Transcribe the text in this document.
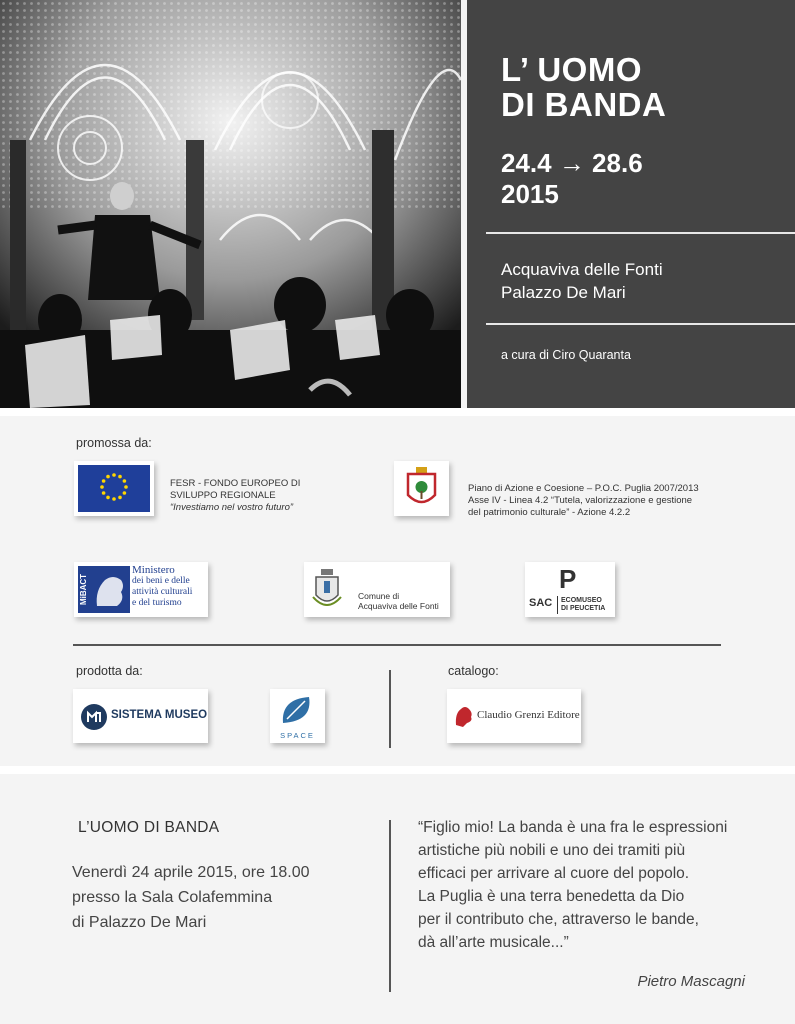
L’ UOMO
DI BANDA
24.4 → 28.6
2015
Acquaviva delle Fonti
Palazzo De Mari
a cura di Ciro Quaranta
promossa da:
FESR - FONDO EUROPEO DI
SVILUPPO REGIONALE
“Investiamo nel vostro futuro”
Piano di Azione e Coesione – P.O.C. Puglia 2007/2013
Asse IV - Linea 4.2 “Tutela, valorizzazione e gestione
del patrimonio culturale” - Azione 4.2.2
MiBACT
Ministero
dei beni e delle
attività culturali
e del turismo
Comune di
Acquaviva delle Fonti
P
SAC ECOMUSEO
DI PEUCETIA
prodotta da:
SISTEMA MUSEO
SPACE
catalogo:
Claudio Grenzi Editore
L’UOMO DI BANDA
Venerdì 24 aprile 2015, ore 18.00
presso la Sala Colafemmina
di Palazzo De Mari
“Figlio mio! La banda è una fra le espressioni
artistiche più nobili e uno dei tramiti più
efficaci per arrivare al cuore del popolo.
La Puglia è una terra benedetta da Dio
per il contributo che, attraverso le bande,
dà all’arte musicale...”
Pietro Mascagni
